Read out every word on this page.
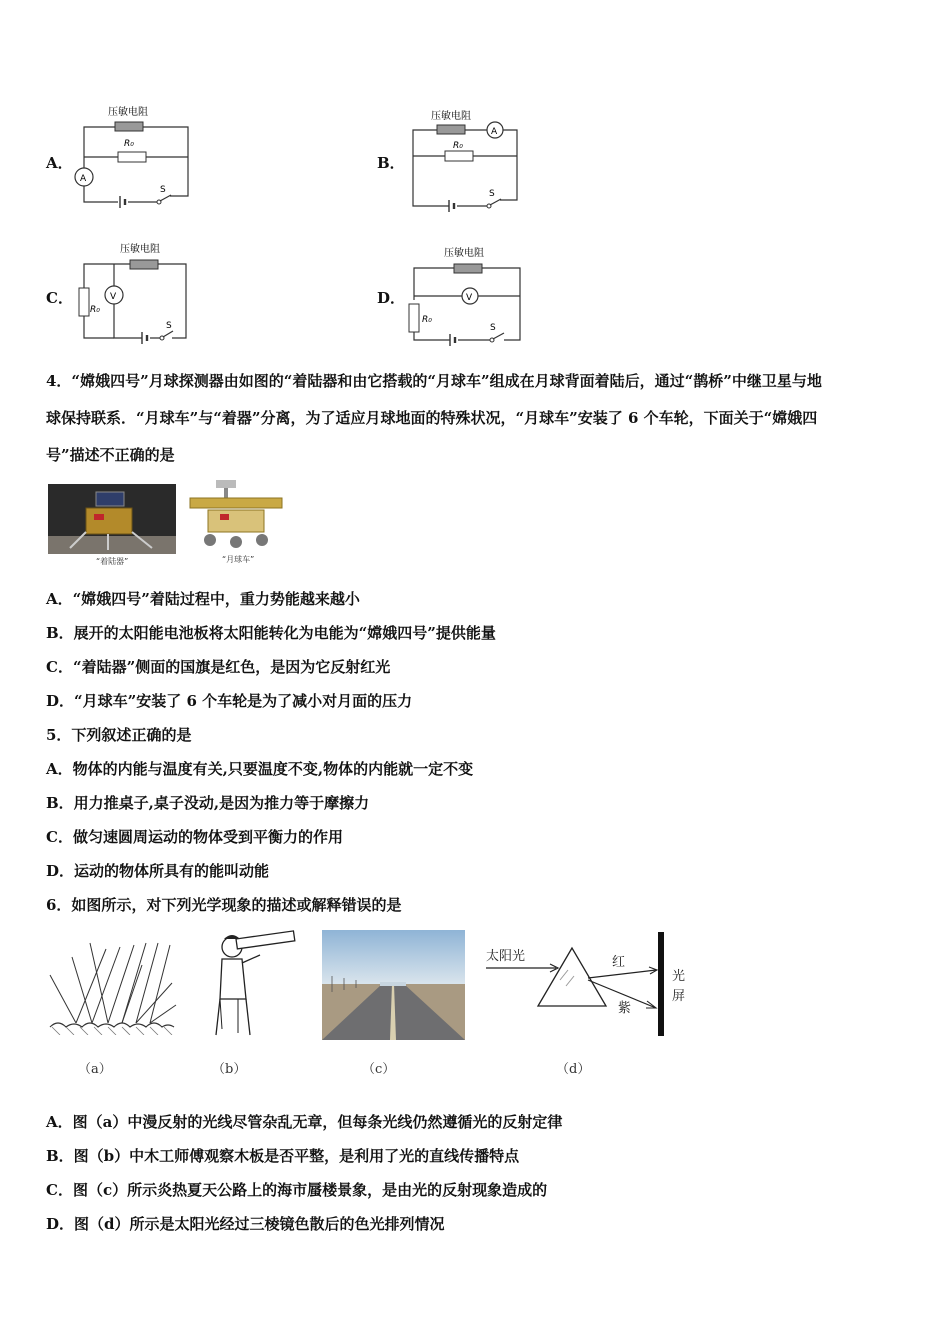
A．
压敏电阻
R₀
A
S
B．
压敏电阻
A
R₀
S
C．
压敏电阻
V
R₀
S
D．
压敏电阻
V
R₀
S
4．“嫦娥四号”月球探测器由如图的“着陆器和由它搭载的“月球车”组成在月球背面着陆后，通过“鹊桥”中继卫星与地
球保持联系．“月球车”与“着器”分离，为了适应月球地面的特殊状况，“月球车”安装了 6 个车轮，下面关于“嫦娥四
号”描述不正确的是
“着陆器”	“月球车”
A．“嫦娥四号”着陆过程中，重力势能越来越小
B．展开的太阳能电池板将太阳能转化为电能为“嫦娥四号”提供能量
C．“着陆器”侧面的国旗是红色，是因为它反射红光
D．“月球车”安装了 6 个车轮是为了减小对月面的压力
5．下列叙述正确的是
A．物体的内能与温度有关,只要温度不变,物体的内能就一定不变
B．用力推桌子,桌子没动,是因为推力等于摩擦力
C．做匀速圆周运动的物体受到平衡力的作用
D．运动的物体所具有的能叫动能
6．如图所示，对下列光学现象的描述或解释错误的是
太阳光	红
紫
光
屏
（a）	（b）	（c）	（d）
A．图（a）中漫反射的光线尽管杂乱无章，但每条光线仍然遵循光的反射定律
B．图（b）中木工师傅观察木板是否平整，是利用了光的直线传播特点
C．图（c）所示炎热夏天公路上的海市蜃楼景象，是由光的反射现象造成的
D．图（d）所示是太阳光经过三棱镜色散后的色光排列情况
